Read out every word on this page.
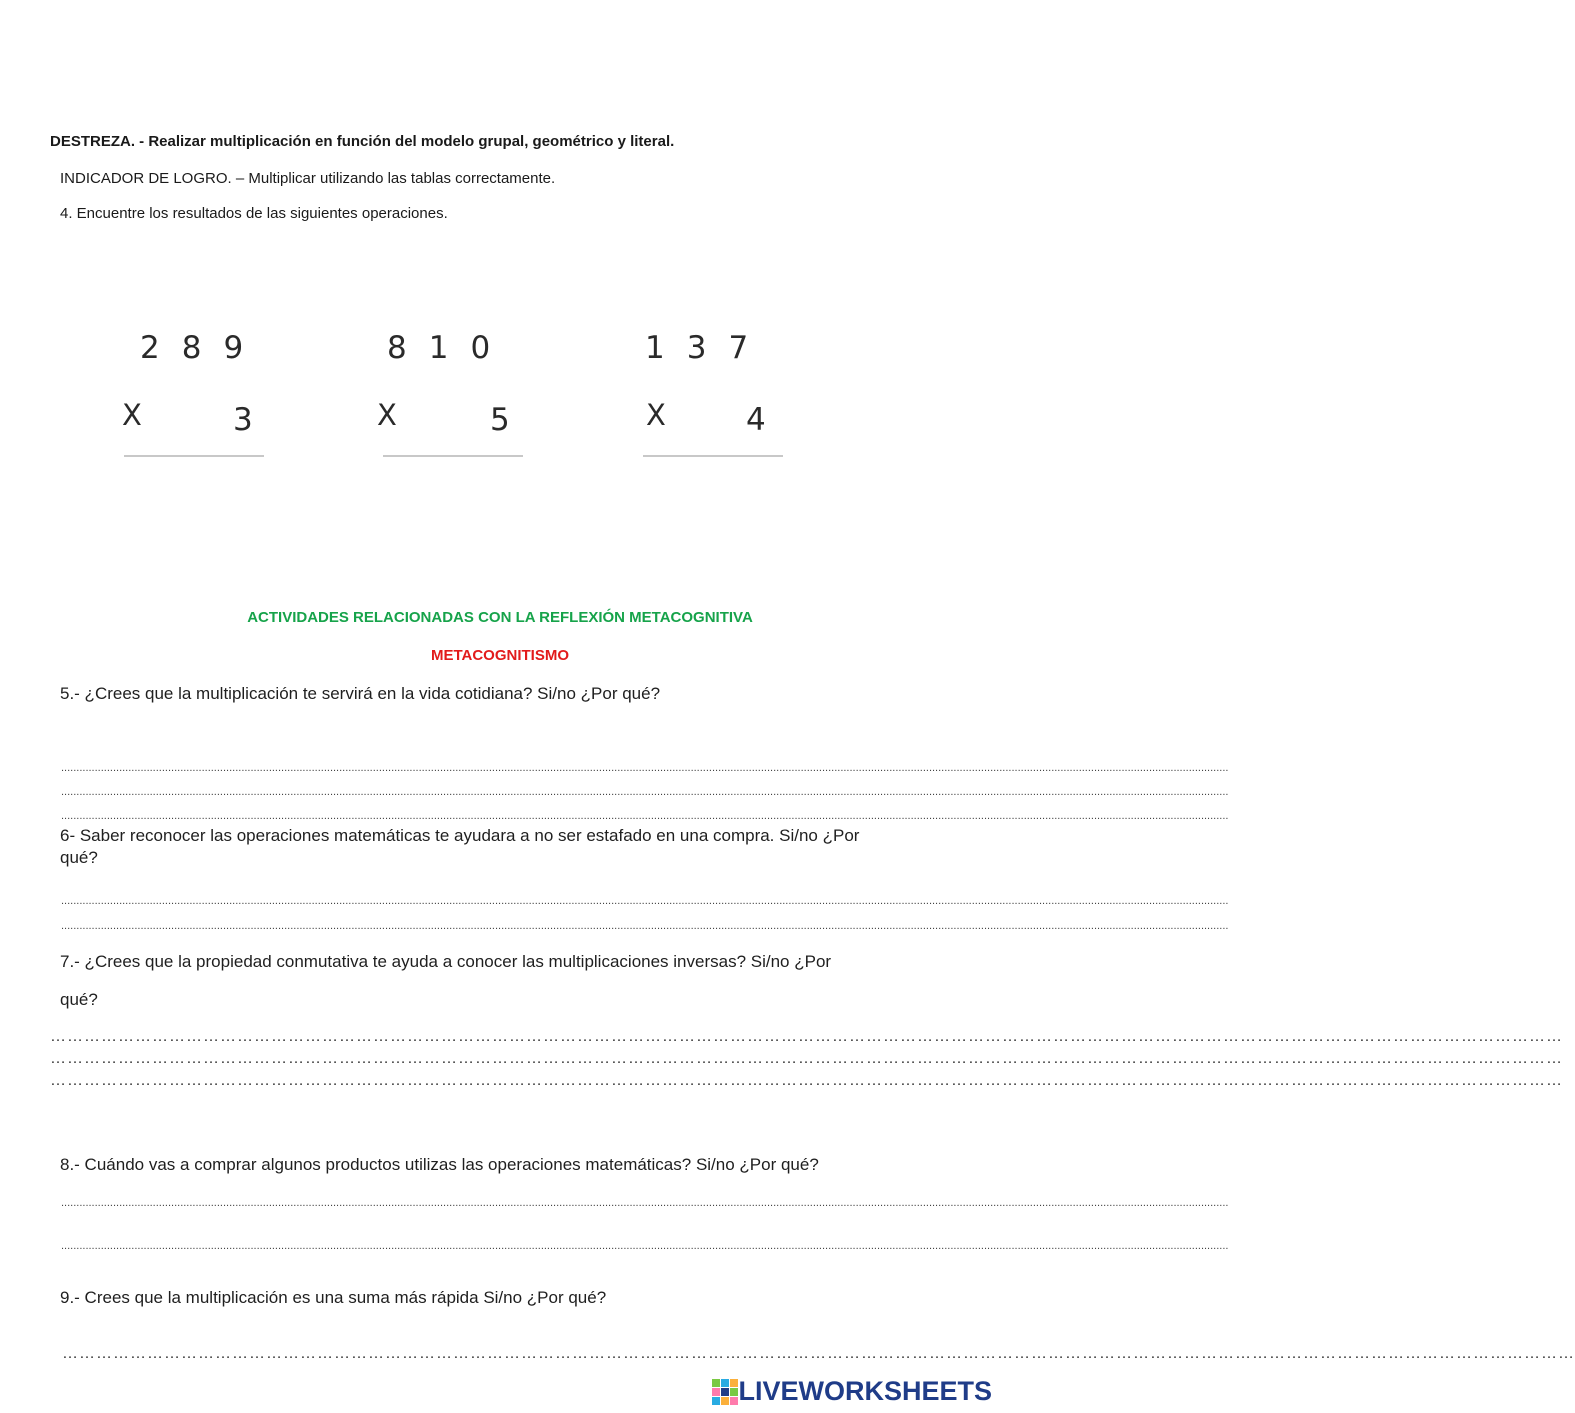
DESTREZA. - Realizar multiplicación en función del modelo grupal, geométrico y literal.
INDICADOR DE LOGRO. – Multiplicar utilizando las tablas correctamente.
4. Encuentre los resultados de las siguientes operaciones.
289
X	3
810
X	5
137
X	4
ACTIVIDADES RELACIONADAS CON LA REFLEXIÓN METACOGNITIVA
METACOGNITISMO
5.- ¿Crees que la multiplicación te servirá en la vida cotidiana? Si/no ¿Por qué?
..............................................................................................................................................................................................................................................................................................................................................................................................
..............................................................................................................................................................................................................................................................................................................................................................................................
..............................................................................................................................................................................................................................................................................................................................................................................................
6- Saber reconocer las operaciones matemáticas te ayudara a no ser estafado en una compra. Si/no ¿Por
qué?
..............................................................................................................................................................................................................................................................................................................................................................................................
..............................................................................................................................................................................................................................................................................................................................................................................................
7.- ¿Crees que la propiedad conmutativa te ayuda a conocer las multiplicaciones inversas? Si/no ¿Por
qué?
……………………………………………………………………………………………………………………………………………………………………………………………………………………………………………
……………………………………………………………………………………………………………………………………………………………………………………………………………………………………………
……………………………………………………………………………………………………………………………………………………………………………………………………………………………………………
8.- Cuándo vas a comprar algunos productos utilizas las operaciones matemáticas? Si/no ¿Por qué?
..............................................................................................................................................................................................................................................................................................................................................................................................
..............................................................................................................................................................................................................................................................................................................................................................................................
9.- Crees que la multiplicación es una suma más rápida Si/no ¿Por qué?
……………………………………………………………………………………………………………………………………………………………………………………………………………………………………………
LIVEWORKSHEETS
